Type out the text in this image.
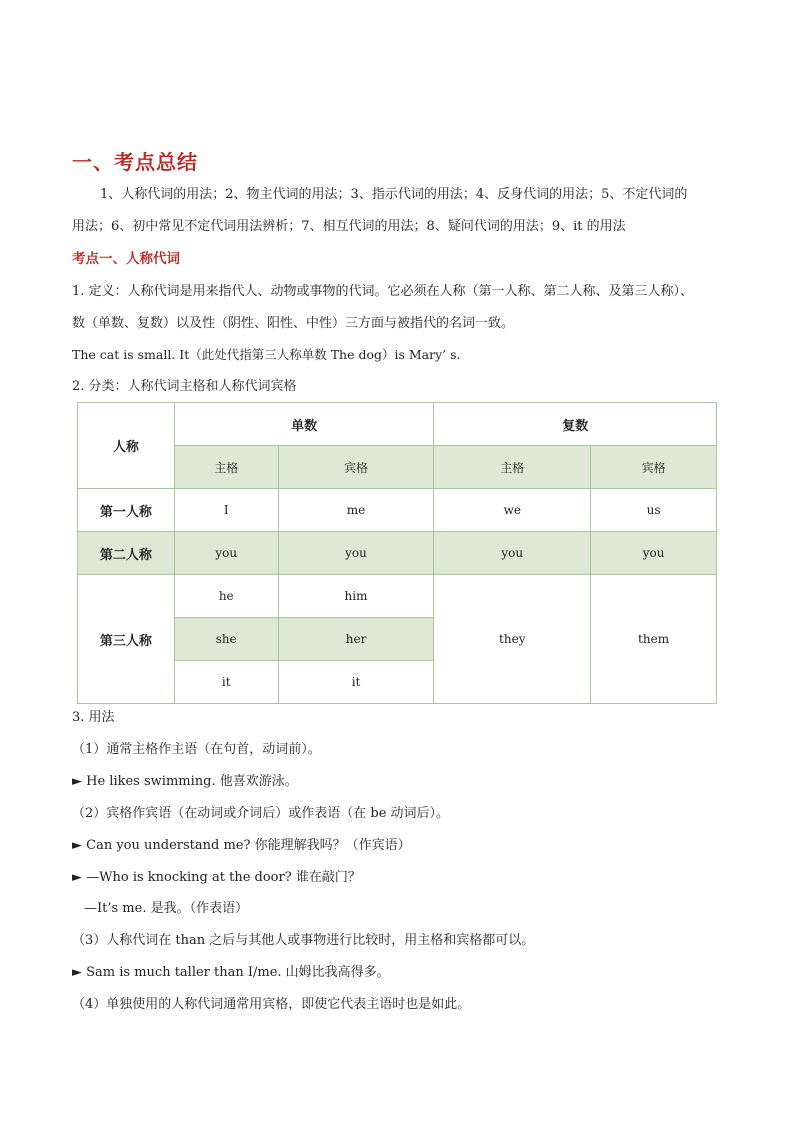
一、考点总结
1、人称代词的用法；2、物主代词的用法；3、指示代词的用法；4、反身代词的用法；5、不定代词的
用法；6、初中常见不定代词用法辨析；7、相互代词的用法；8、疑问代词的用法；9、it 的用法
考点一、人称代词
1. 定义：人称代词是用来指代人、动物或事物的代词。它必须在人称（第一人称、第二人称、及第三人称）、
数（单数、复数）以及性（阴性、阳性、中性）三方面与被指代的名词一致。
The cat is small. It（此处代指第三人称单数 The dog）is Mary’ s.
2. 分类：人称代词主格和人称代词宾格
人称	单数		复数	
	主格	宾格	主格	宾格
第一人称	I	me	we	us
第二人称	you	you	you	you
第三人称	he	him	they	them
	she	her		
	it	it		
3. 用法
（1）通常主格作主语（在句首，动词前）。
► He likes swimming. 他喜欢游泳。
（2）宾格作宾语（在动词或介词后）或作表语（在 be 动词后）。
► Can you understand me? 你能理解我吗？（作宾语）
► —Who is knocking at the door? 谁在敲门？
—It’s me. 是我。（作表语）
（3）人称代词在 than 之后与其他人或事物进行比较时，用主格和宾格都可以。
► Sam is much taller than I/me. 山姆比我高得多。
（4）单独使用的人称代词通常用宾格，即使它代表主语时也是如此。
